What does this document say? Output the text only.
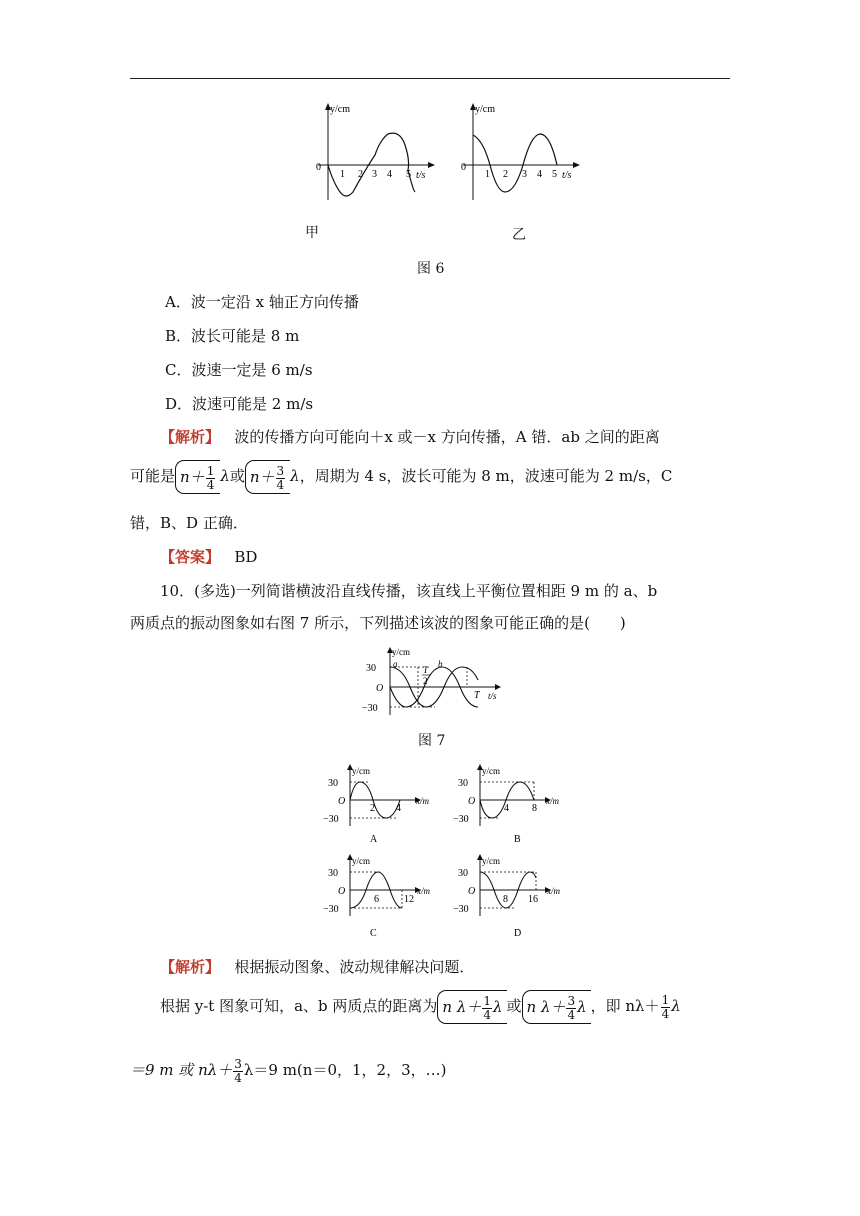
y/cm
0
1 2 3 4 5 t/s
y/cm
0
1 2 3 4 5 t/s
甲	乙
图 6
A．波一定沿 x 轴正方向传播
B．波长可能是 8 m
C．波速一定是 6 m/s
D．波速可能是 2 m/s
【解析】 波的传播方向可能向＋x 或－x 方向传播，A 错．ab 之间的距离
可能是 $n+ \frac{1}{4}$ λ或 $n+ \frac{3}{4}$ λ，周期为 4 s，波长可能为 8 m，波速可能为 2 m/s，C
错，B、D 正确．
【答案】 BD
10．(多选)一列简谐横波沿直线传播，该直线上平衡位置相距 9 m 的 a、b
两质点的振动图象如右图 7 所示，下列描述该波的图象可能正确的是(　　)
y/cm
30
O
−30
a	b
T
2
T t/s
图 7
y/cm
30
O
−30
2 4
x/m
A
y/cm
30
O
−30
4 8
x/m
B
y/cm
30
O
−30
6	12
x/m
C
y/cm
30
O
−30
8 16
x/m
D
【解析】 根据振动图象、波动规律解决问题．
根据 y-t 图象可知，a、b 两质点的距离为 n $\lambda+ \frac{1}{4}$ λ 或 n $\lambda+ \frac{3}{4}$ λ ，即 $n\lambda+ \frac{1}{4}$ λ
＝9 m 或 $n\lambda+ \frac{3}{4} \lambda=9$ m(n＝0，1，2，3，…)
